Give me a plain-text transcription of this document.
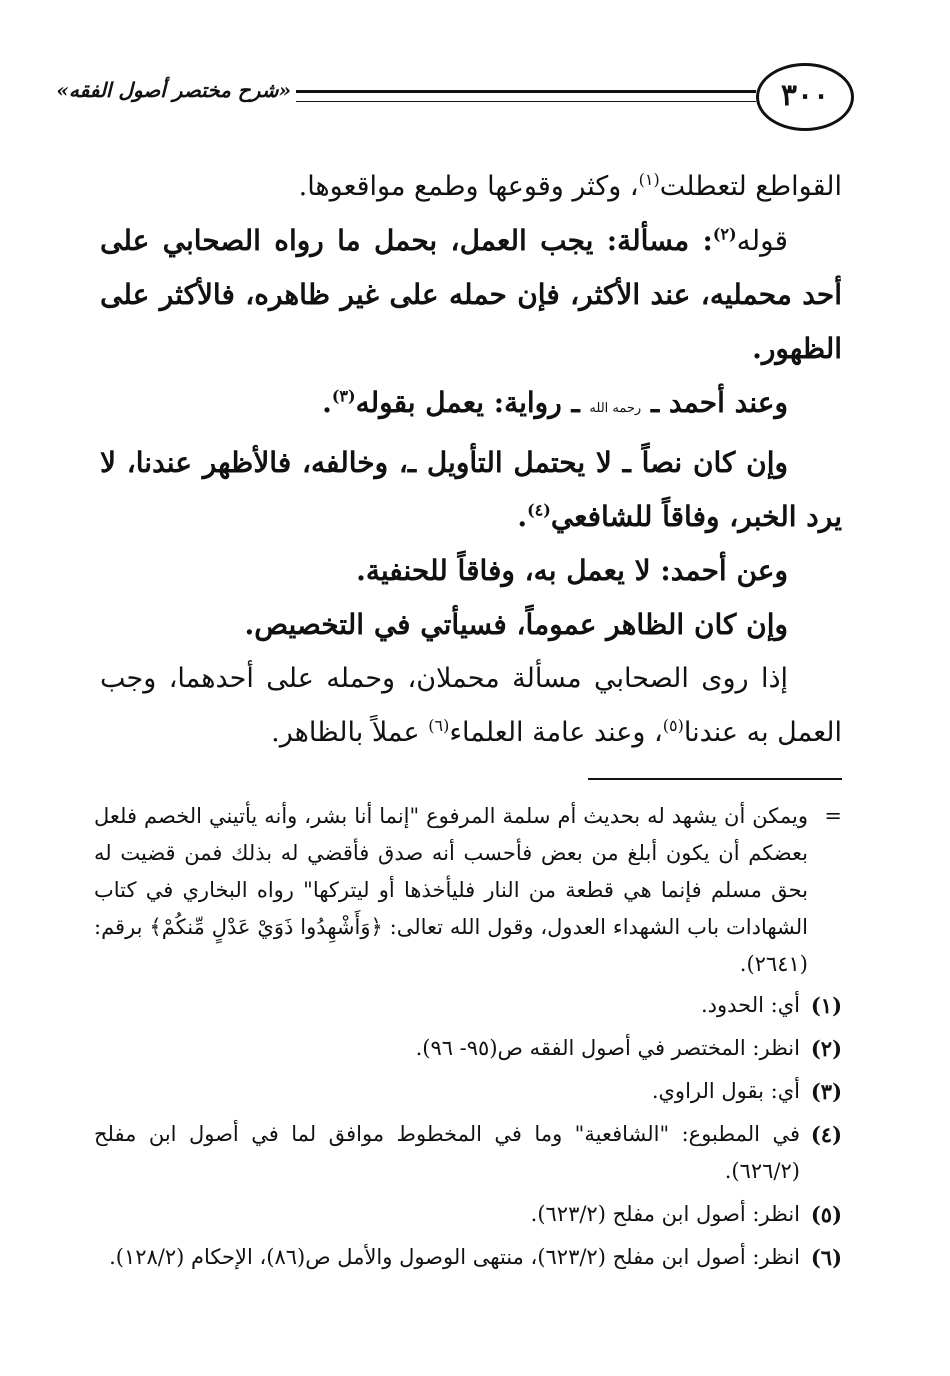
«شرح مختصر أصول الفقه»	٣٠٠

القواطع لتعطلت$^{(١)}$، وكثر وقوعها وطمع مواقعوها.

قوله$^{(٢)}$: مسألة: يجب العمل، بحمل ما رواه الصحابي على أحد محمليه، عند الأكثر، فإن حمله على غير ظاهره، فالأكثر على الظهور.

وعند أحمد ـ رحمه الله ـ رواية: يعمل بقوله$^{(٣)}$.

وإن كان نصاً ـ لا يحتمل التأويل ـ، وخالفه، فالأظهر عندنا، لا يرد الخبر، وفاقاً للشافعي$^{(٤)}$.

وعن أحمد: لا يعمل به، وفاقاً للحنفية.

وإن كان الظاهر عموماً، فسيأتي في التخصيص.

إذا روى الصحابي مسألة محملان، وحمله على أحدهما، وجب العمل به عندنا$^{(٥)}$، وعند عامة العلماء$^{(٦)}$ عملاً بالظاهر.

=
ويمكن أن يشهد له بحديث أم سلمة المرفوع "إنما أنا بشر، وأنه يأتيني الخصم فلعل بعضكم أن يكون أبلغ من بعض فأحسب أنه صدق فأقضي له بذلك فمن قضيت له بحق مسلم فإنما هي قطعة من النار فليأخذها أو ليتركها" رواه البخاري في كتاب الشهادات باب الشهداء العدول، وقول الله تعالى: ﴿وَأَشْهِدُوا ذَوَيْ عَدْلٍ مِّنكُمْ﴾ برقم: (٢٦٤١).

(١)
أي: الحدود.

(٢)
انظر: المختصر في أصول الفقه ص(٩٥- ٩٦).

(٣)
أي: بقول الراوي.

(٤)
في المطبوع: "الشافعية" وما في المخطوط موافق لما في أصول ابن مفلح (٦٢٦/٢).

(٥)
انظر: أصول ابن مفلح (٦٢٣/٢).

(٦)
انظر: أصول ابن مفلح (٦٢٣/٢)، منتهى الوصول والأمل ص(٨٦)، الإحكام (١٢٨/٢).
